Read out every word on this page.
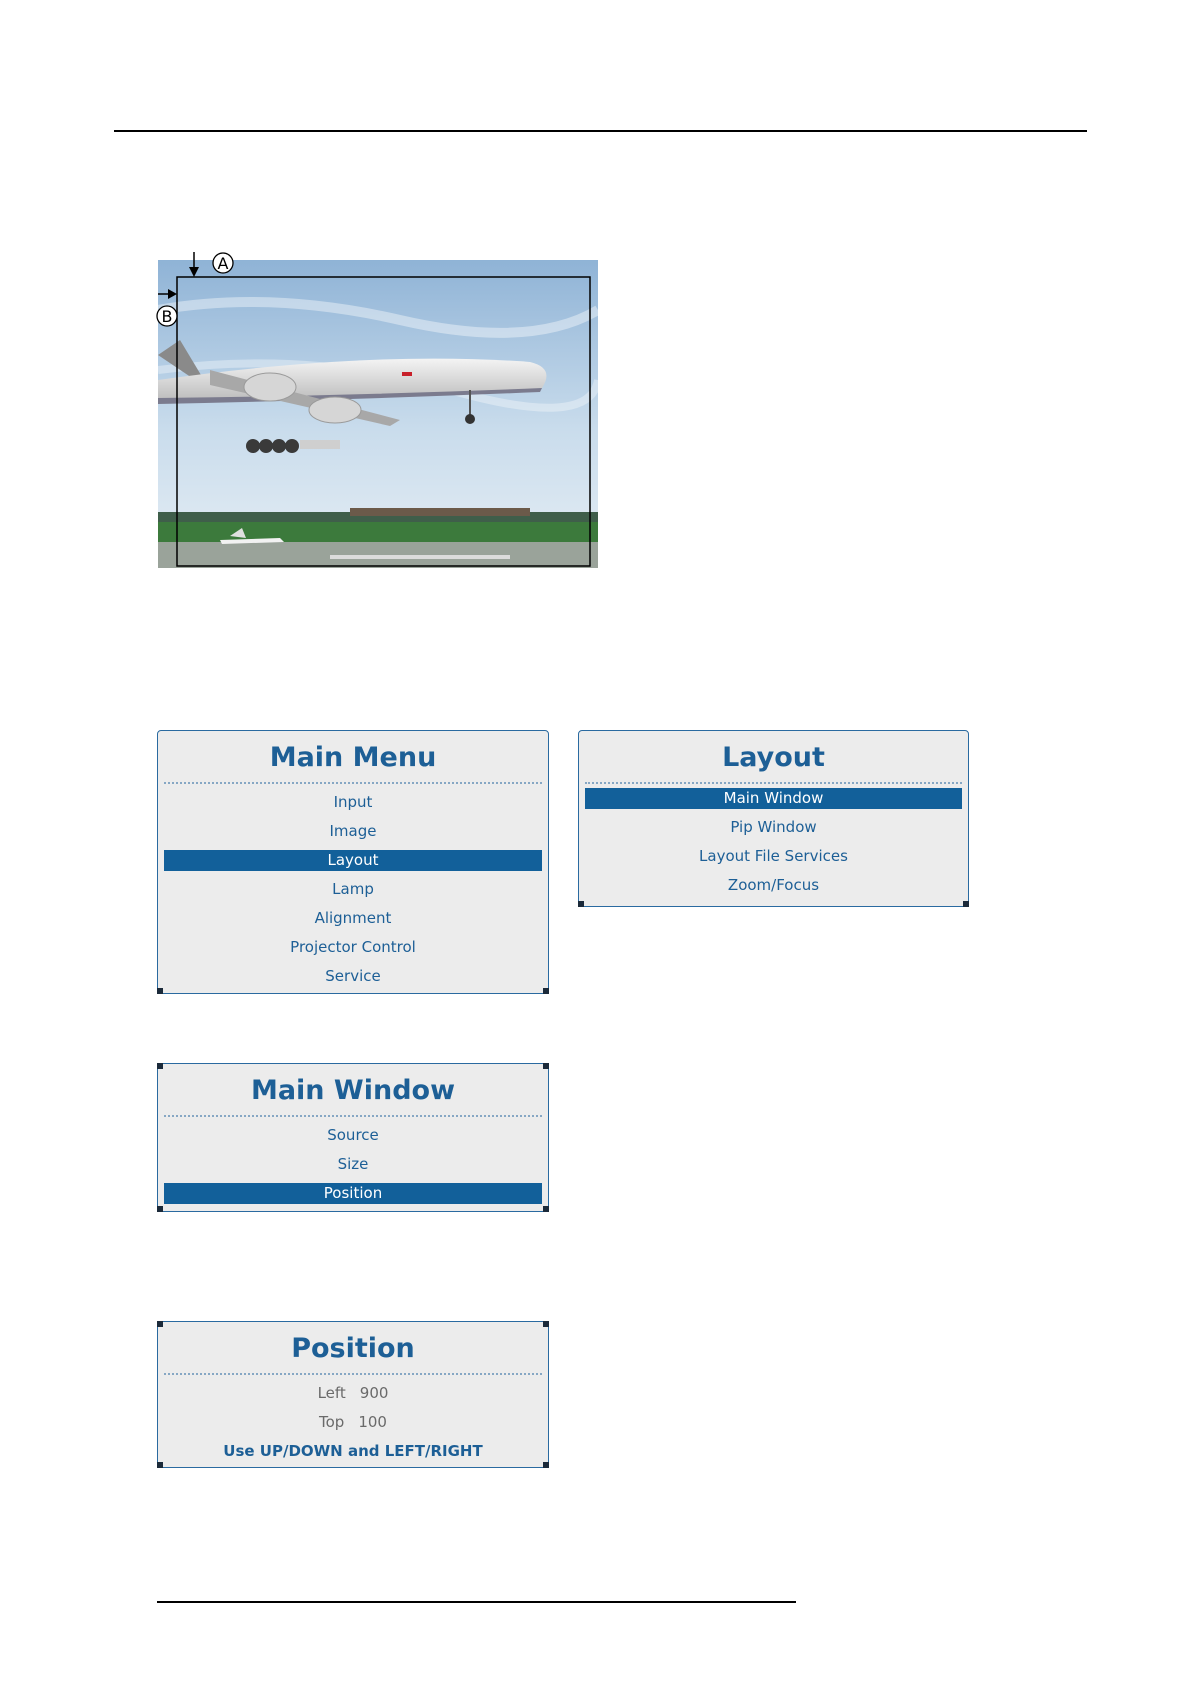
A
B
Main Menu
Input
Image
Layout
Lamp
Alignment
Projector Control
Service
Layout
Main Window
Pip Window
Layout File Services
Zoom/Focus
Main Window
Source
Size
Position
Position
Left 900
Top 100
Use UP/DOWN and LEFT/RIGHT
